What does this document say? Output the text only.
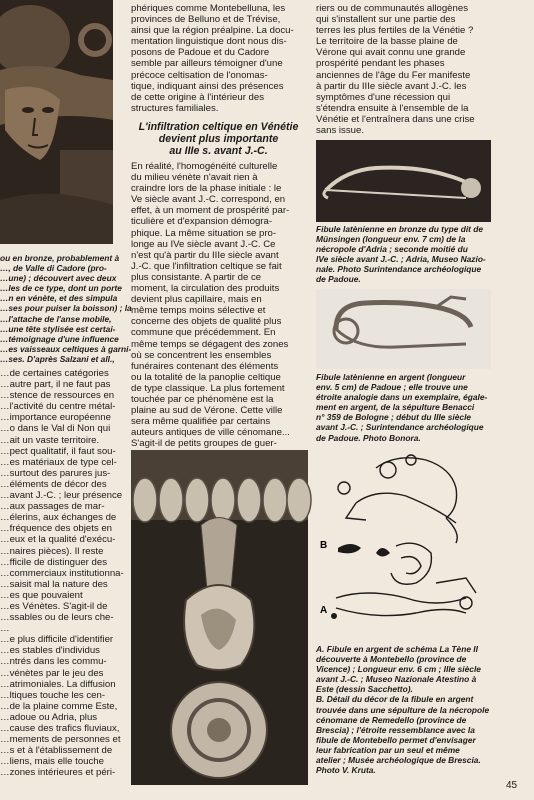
ou en bronze, probablement à
…, de Valle di Cadore (pro-
…une) ; découvert avec deux
…les de ce type, dont un porte
…n en vénète, et des simpula
…ses pour puiser la boisson) ; la
…l'attache de l'anse mobile,
…une tête stylisée est certai-
…témoignage d'une influence
…es vaisseaux celtiques à garni-
…ses. D'après Salzani et all.,
…de certaines catégories
…autre part, il ne faut pas
…stence de ressources en
…l'activité du centre métal-
…importance européenne
…o dans le Val di Non qui
…ait un vaste territoire.
…pect qualitatif, il faut sou-
…es matériaux de type cel-
…surtout des parures jus-
…éléments de décor des
…avant J.-C. ; leur présence
…aux passages de mar-
…élerins, aux échanges de
…fréquence des objets en
…eux et la qualité d'exécu-
…naires pièces). Il reste
…fficile de distinguer des
…commerciaux institutionna-
…saisit mal la nature des
…es que pouvaient
…es Vénètes. S'agit-il de
…ssables ou de leurs che-
…
…e plus difficile d'identifier
…es stables d'individus
…ntrés dans les commu-
…vénètes par le jeu des
…atrimoniales. La diffusion
…ltiques touche les cen-
…de la plaine comme Este,
…adoue ou Adria, plus
…cause des trafics fluviaux,
…mements de personnes et
…s et à l'établissement de
…liens, mais elle touche
…zones intérieures et péri-
phériques comme Montebelluna, les
provinces de Belluno et de Trévise,
ainsi que la région préalpine. La docu-
mentation linguistique dont nous dis-
posons de Padoue et du Cadore
semble par ailleurs témoigner d'une
précoce celtisation de l'onomas-
tique, indiquant ainsi des présences
de cette origine à l'intérieur des
structures familiales.
L'infiltration celtique en Vénétie
devient plus importante
au IIIe s. avant J.-C.
En réalité, l'homogénéité culturelle
du milieu vénète n'avait rien à
craindre lors de la phase initiale : le
Ve siècle avant J.-C. correspond, en
effet, à un moment de prospérité par-
ticulière et d'expansion démogra-
phique. La même situation se pro-
longe au IVe siècle avant J.-C. Ce
n'est qu'à partir du IIIe siècle avant
J.-C. que l'infiltration celtique se fait
plus consistante. A partir de ce
moment, la circulation des produits
devient plus capillaire, mais en
même temps moins sélective et
concerne des objets de qualité plus
commune que précédemment. En
même temps se dégagent des zones
où se concentrent les ensembles
funéraires contenant des éléments
ou la totalité de la panoplie celtique
de type classique. La plus fortement
touchée par ce phénomène est la
plaine au sud de Vérone. Cette ville
sera même qualifiée par certains
auteurs antiques de ville cénomane...
S'agit-il de petits groupes de guer-
riers ou de communautés allogènes
qui s'installent sur une partie des
terres les plus fertiles de la Vénétie ?
Le territoire de la basse plaine de
Vérone qui avait connu une grande
prospérité pendant les phases
anciennes de l'âge du Fer manifeste
à partir du IIIe siècle avant J.-C. les
symptômes d'une récession qui
s'étendra ensuite à l'ensemble de la
Vénétie et l'entraînera dans une crise
sans issue.
Fibule latènienne en bronze du type dit de
Münsingen (longueur env. 7 cm) de la
nécropole d'Adria ; seconde moitié du
IVe siècle avant J.-C. ; Adria, Museo Nazio-
nale. Photo Surintendance archéologique
de Padoue.
Fibule latènienne en argent (longueur
env. 5 cm) de Padoue ; elle trouve une
étroite analogie dans un exemplaire, égale-
ment en argent, de la sépulture Benacci
n° 359 de Bologne ; début du IIIe siècle
avant J.-C. ; Surintendance archéologique
de Padoue. Photo Bonora.
B
A
A. Fibule en argent de schéma La Tène II
découverte à Montebello (province de
Vicence) ; Longueur env. 6 cm ; IIIe siècle
avant J.-C. ; Museo Nazionale Atestino à
Este (dessin Sacchetto).
B. Détail du décor de la fibule en argent
trouvée dans une sépulture de la nécropole
cénomane de Remedello (province de
Brescia) ; l'étroite ressemblance avec la
fibule de Montebello permet d'envisager
leur fabrication par un seul et même
atelier ; Musée archéologique de Brescia.
Photo V. Kruta.
45
